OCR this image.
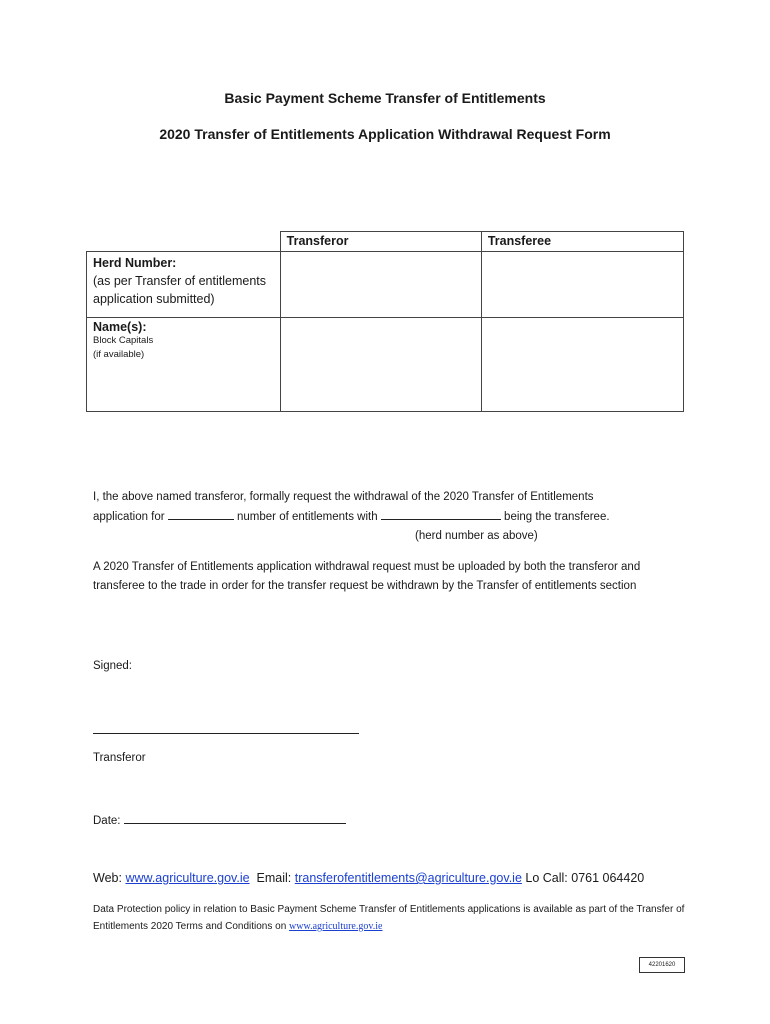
Basic Payment Scheme Transfer of Entitlements
2020 Transfer of Entitlements Application Withdrawal Request Form
	Transferor	Transferee
Herd Number:
(as per Transfer of entitlements application submitted)		

Name(s):
Block Capitals
(if available)		

I, the above named transferor, formally request the withdrawal of the 2020 Transfer of Entitlements
application for	number of entitlements with	being the transferee.
(herd number as above)
A 2020 Transfer of Entitlements application withdrawal request must be uploaded by both the transferor and transferee to the trade in order for the transfer request be withdrawn by the Transfer of entitlements section
Signed:
Transferor
Date:
Web: www.agriculture.gov.ie Email: transferofentitlements@agriculture.gov.ie Lo Call: 0761 064420
Data Protection policy in relation to Basic Payment Scheme Transfer of Entitlements applications is available as part of the Transfer of Entitlements 2020 Terms and Conditions on www.agriculture.gov.ie
42201620
